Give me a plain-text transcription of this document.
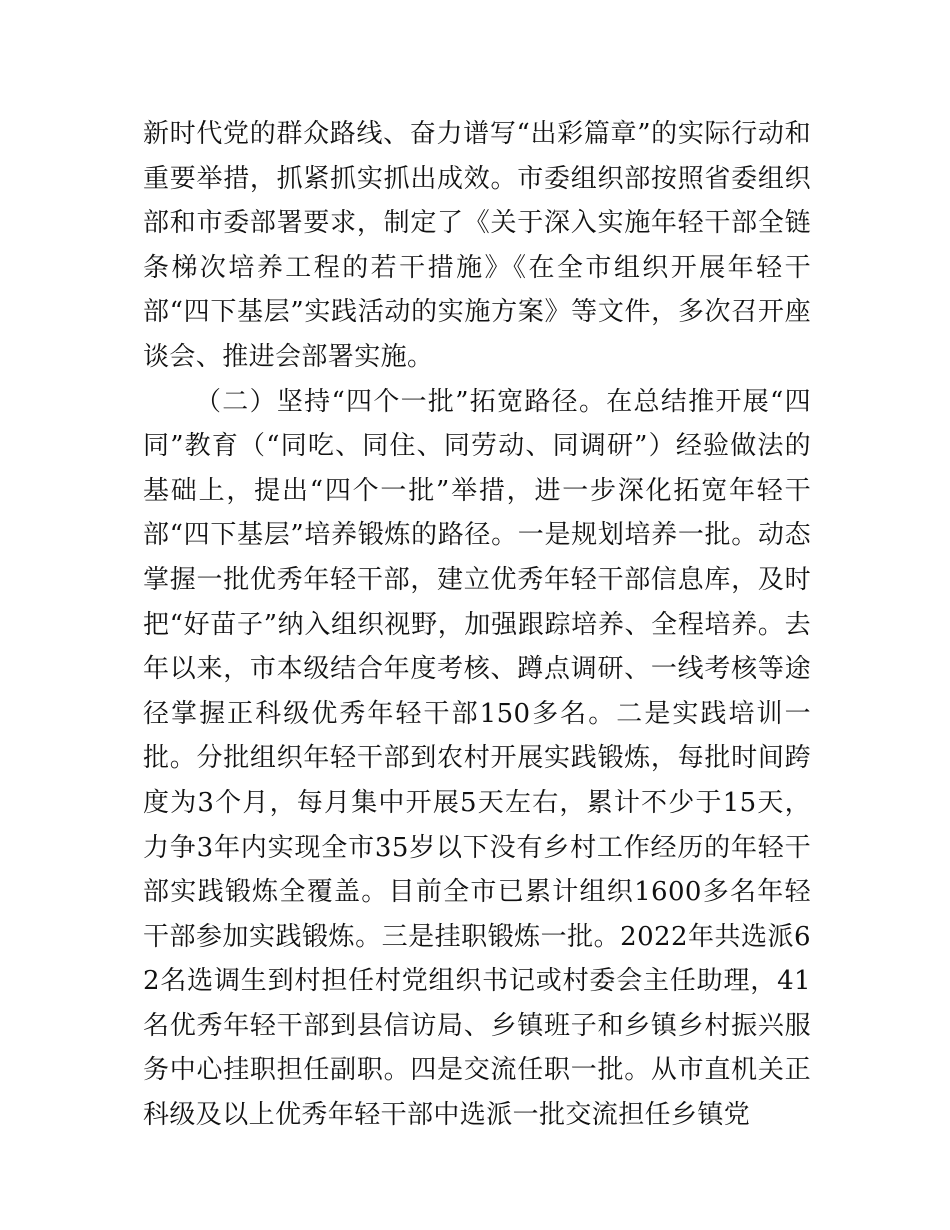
新时代党的群众路线、奋力谱写“出彩篇章”的实际行动和重要举措，抓紧抓实抓出成效。市委组织部按照省委组织部和市委部署要求，制定了《关于深入实施年轻干部全链条梯次培养工程的若干措施》《在全市组织开展年轻干部“四下基层”实践活动的实施方案》等文件，多次召开座谈会、推进会部署实施。

（二）坚持“四个一批”拓宽路径。在总结推开展“四同”教育（“同吃、同住、同劳动、同调研”）经验做法的基础上，提出“四个一批”举措，进一步深化拓宽年轻干部“四下基层”培养锻炼的路径。一是规划培养一批。动态掌握一批优秀年轻干部，建立优秀年轻干部信息库，及时把“好苗子”纳入组织视野，加强跟踪培养、全程培养。去年以来，市本级结合年度考核、蹲点调研、一线考核等途径掌握正科级优秀年轻干部150多名。二是实践培训一批。分批组织年轻干部到农村开展实践锻炼，每批时间跨度为3个月，每月集中开展5天左右，累计不少于15天，力争3年内实现全市35岁以下没有乡村工作经历的年轻干部实践锻炼全覆盖。目前全市已累计组织1600多名年轻干部参加实践锻炼。三是挂职锻炼一批。2022年共选派62名选调生到村担任村党组织书记或村委会主任助理，41名优秀年轻干部到县信访局、乡镇班子和乡镇乡村振兴服务中心挂职担任副职。四是交流任职一批。从市直机关正科级及以上优秀年轻干部中选派一批交流担任乡镇党
